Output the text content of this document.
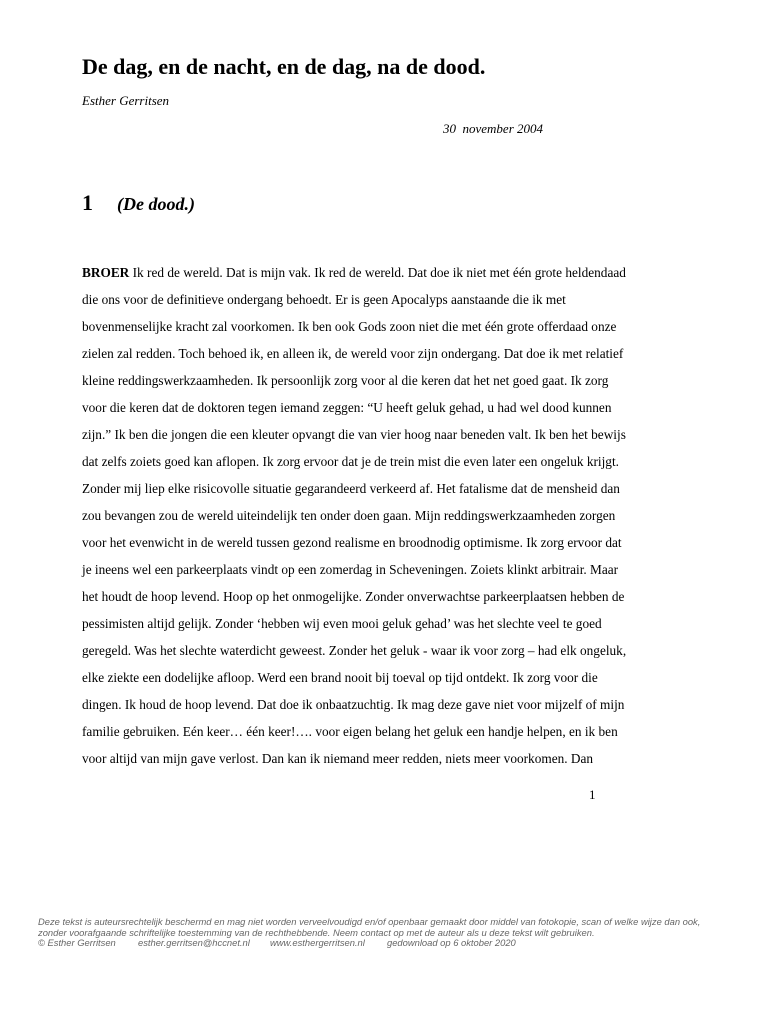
De dag, en de nacht, en de dag, na de dood.
Esther Gerritsen
30  november 2004
1 (De dood.)
BROER Ik red de wereld. Dat is mijn vak. Ik red de wereld. Dat doe ik niet met één grote heldendaad
die ons voor de definitieve ondergang behoedt. Er is geen Apocalyps aanstaande die ik met
bovenmenselijke kracht zal voorkomen. Ik ben ook Gods zoon niet die met één grote offerdaad onze
zielen zal redden. Toch behoed ik, en alleen ik, de wereld voor zijn ondergang. Dat doe ik met relatief
kleine reddingswerkzaamheden. Ik persoonlijk zorg voor al die keren dat het net goed gaat. Ik zorg
voor die keren dat de doktoren tegen iemand zeggen: “U heeft geluk gehad, u had wel dood kunnen
zijn.” Ik ben die jongen die een kleuter opvangt die van vier hoog naar beneden valt. Ik ben het bewijs
dat zelfs zoiets goed kan aflopen. Ik zorg ervoor dat je de trein mist die even later een ongeluk krijgt.
Zonder mij liep elke risicovolle situatie gegarandeerd verkeerd af. Het fatalisme dat de mensheid dan
zou bevangen zou de wereld uiteindelijk ten onder doen gaan. Mijn reddingswerkzaamheden zorgen
voor het evenwicht in de wereld tussen gezond realisme en broodnodig optimisme. Ik zorg ervoor dat
je ineens wel een parkeerplaats vindt op een zomerdag in Scheveningen. Zoiets klinkt arbitrair. Maar
het houdt de hoop levend. Hoop op het onmogelijke. Zonder onverwachtse parkeerplaatsen hebben de
pessimisten altijd gelijk. Zonder ‘hebben wij even mooi geluk gehad’ was het slechte veel te goed
geregeld. Was het slechte waterdicht geweest. Zonder het geluk - waar ik voor zorg – had elk ongeluk,
elke ziekte een dodelijke afloop. Werd een brand nooit bij toeval op tijd ontdekt. Ik zorg voor die
dingen. Ik houd de hoop levend. Dat doe ik onbaatzuchtig. Ik mag deze gave niet voor mijzelf of mijn
familie gebruiken. Eén keer… één keer!…. voor eigen belang het geluk een handje helpen, en ik ben
voor altijd van mijn gave verlost. Dan kan ik niemand meer redden, niets meer voorkomen. Dan
1
Deze tekst is auteursrechtelijk beschermd en mag niet worden verveelvoudigd en/of openbaar gemaakt door middel van fotokopie, scan of welke wijze dan ook,
zonder voorafgaande schriftelijke toestemming van de rechthebbende. Neem contact op met de auteur als u deze tekst wilt gebruiken.
© Esther Gerritsen esther.gerritsen@hccnet.nl www.esthergerritsen.nl gedownload op 6 oktober 2020
